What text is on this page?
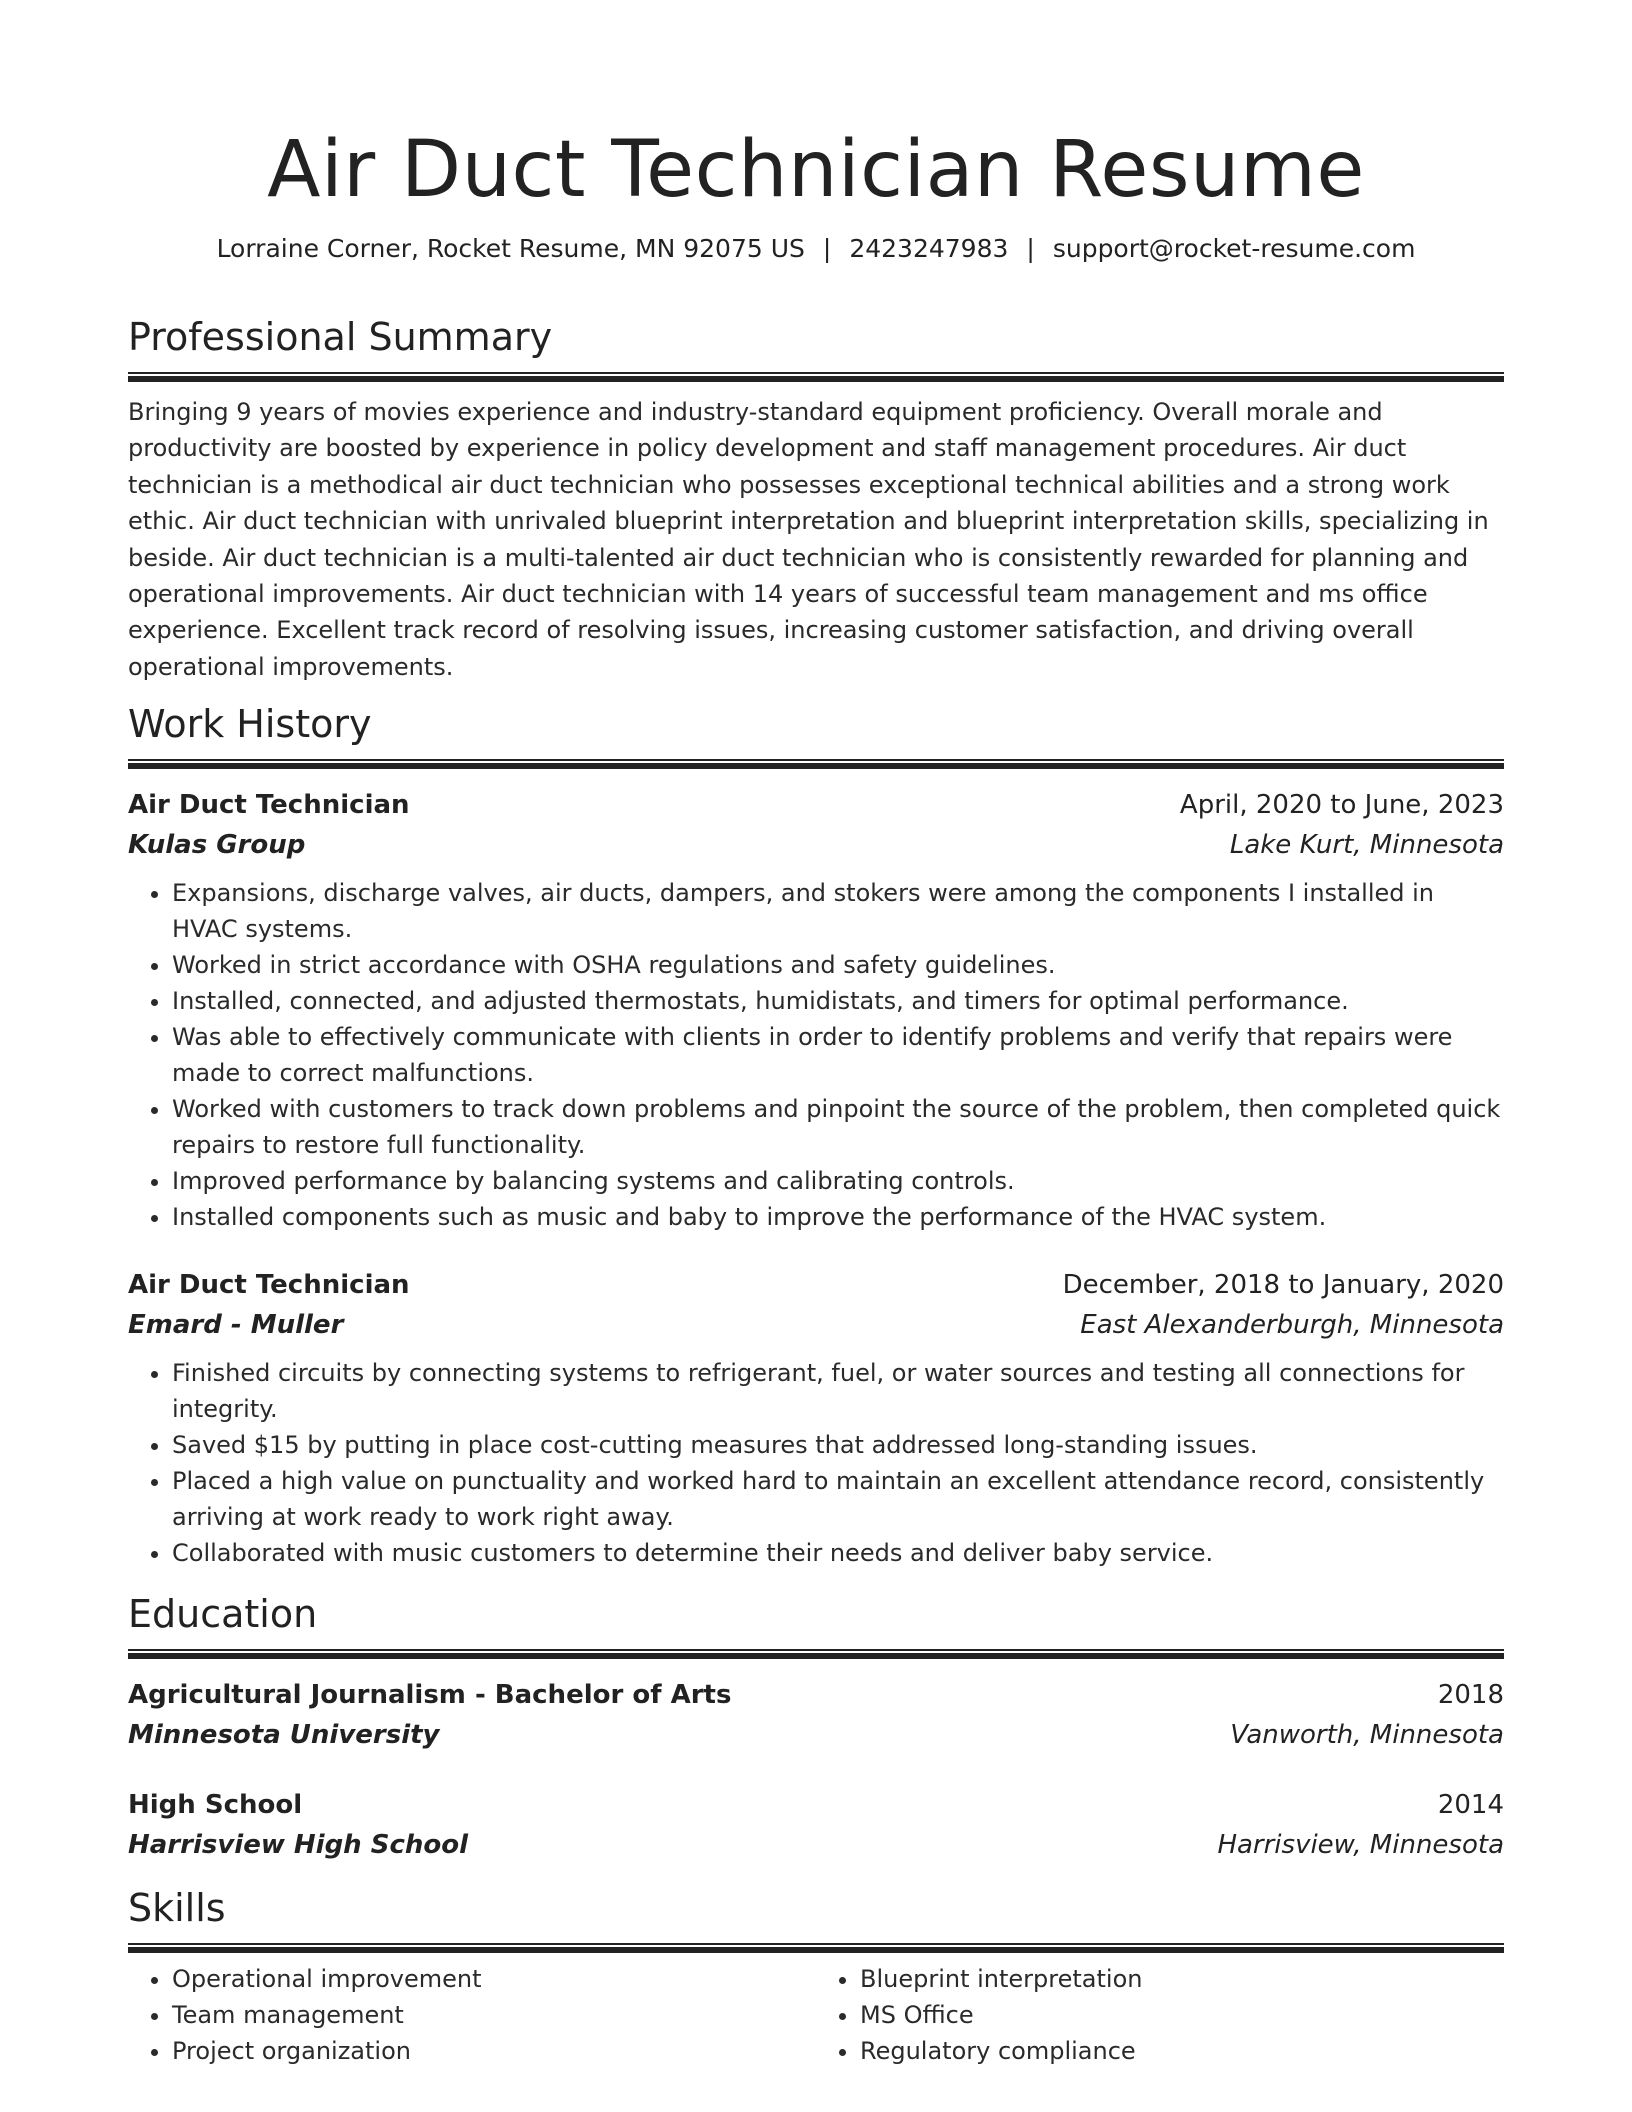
Air Duct Technician Resume
Lorraine Corner, Rocket Resume, MN 92075 US | 2423247983 | support@rocket-resume.com
Professional Summary

Bringing 9 years of movies experience and industry-standard equipment proficiency. Overall morale and productivity are boosted by experience in policy development and staff management procedures. Air duct technician is a methodical air duct technician who possesses exceptional technical abilities and a strong work ethic. Air duct technician with unrivaled blueprint interpretation and blueprint interpretation skills, specializing in beside. Air duct technician is a multi-talented air duct technician who is consistently rewarded for planning and operational improvements. Air duct technician with 14 years of successful team management and ms office experience. Excellent track record of resolving issues, increasing customer satisfaction, and driving overall operational improvements.

Work History
Air Duct Technician	April, 2020 to June, 2023
Kulas Group	Lake Kurt, Minnesota
• Expansions, discharge valves, air ducts, dampers, and stokers were among the components I installed in HVAC systems.
• Worked in strict accordance with OSHA regulations and safety guidelines.
• Installed, connected, and adjusted thermostats, humidistats, and timers for optimal performance.
• Was able to effectively communicate with clients in order to identify problems and verify that repairs were made to correct malfunctions.
• Worked with customers to track down problems and pinpoint the source of the problem, then completed quick repairs to restore full functionality.
• Improved performance by balancing systems and calibrating controls.
• Installed components such as music and baby to improve the performance of the HVAC system.
Air Duct Technician	December, 2018 to January, 2020
Emard - Muller	East Alexanderburgh, Minnesota
• Finished circuits by connecting systems to refrigerant, fuel, or water sources and testing all connections for integrity.
• Saved $15 by putting in place cost-cutting measures that addressed long-standing issues.
• Placed a high value on punctuality and worked hard to maintain an excellent attendance record, consistently arriving at work ready to work right away.
• Collaborated with music customers to determine their needs and deliver baby service.
Education
Agricultural Journalism - Bachelor of Arts	2018
Minnesota University	Vanworth, Minnesota
High School	2014
Harrisview High School	Harrisview, Minnesota
Skills
• Operational improvement
• Team management
• Project organization
• Blueprint interpretation
• MS Office
• Regulatory compliance
